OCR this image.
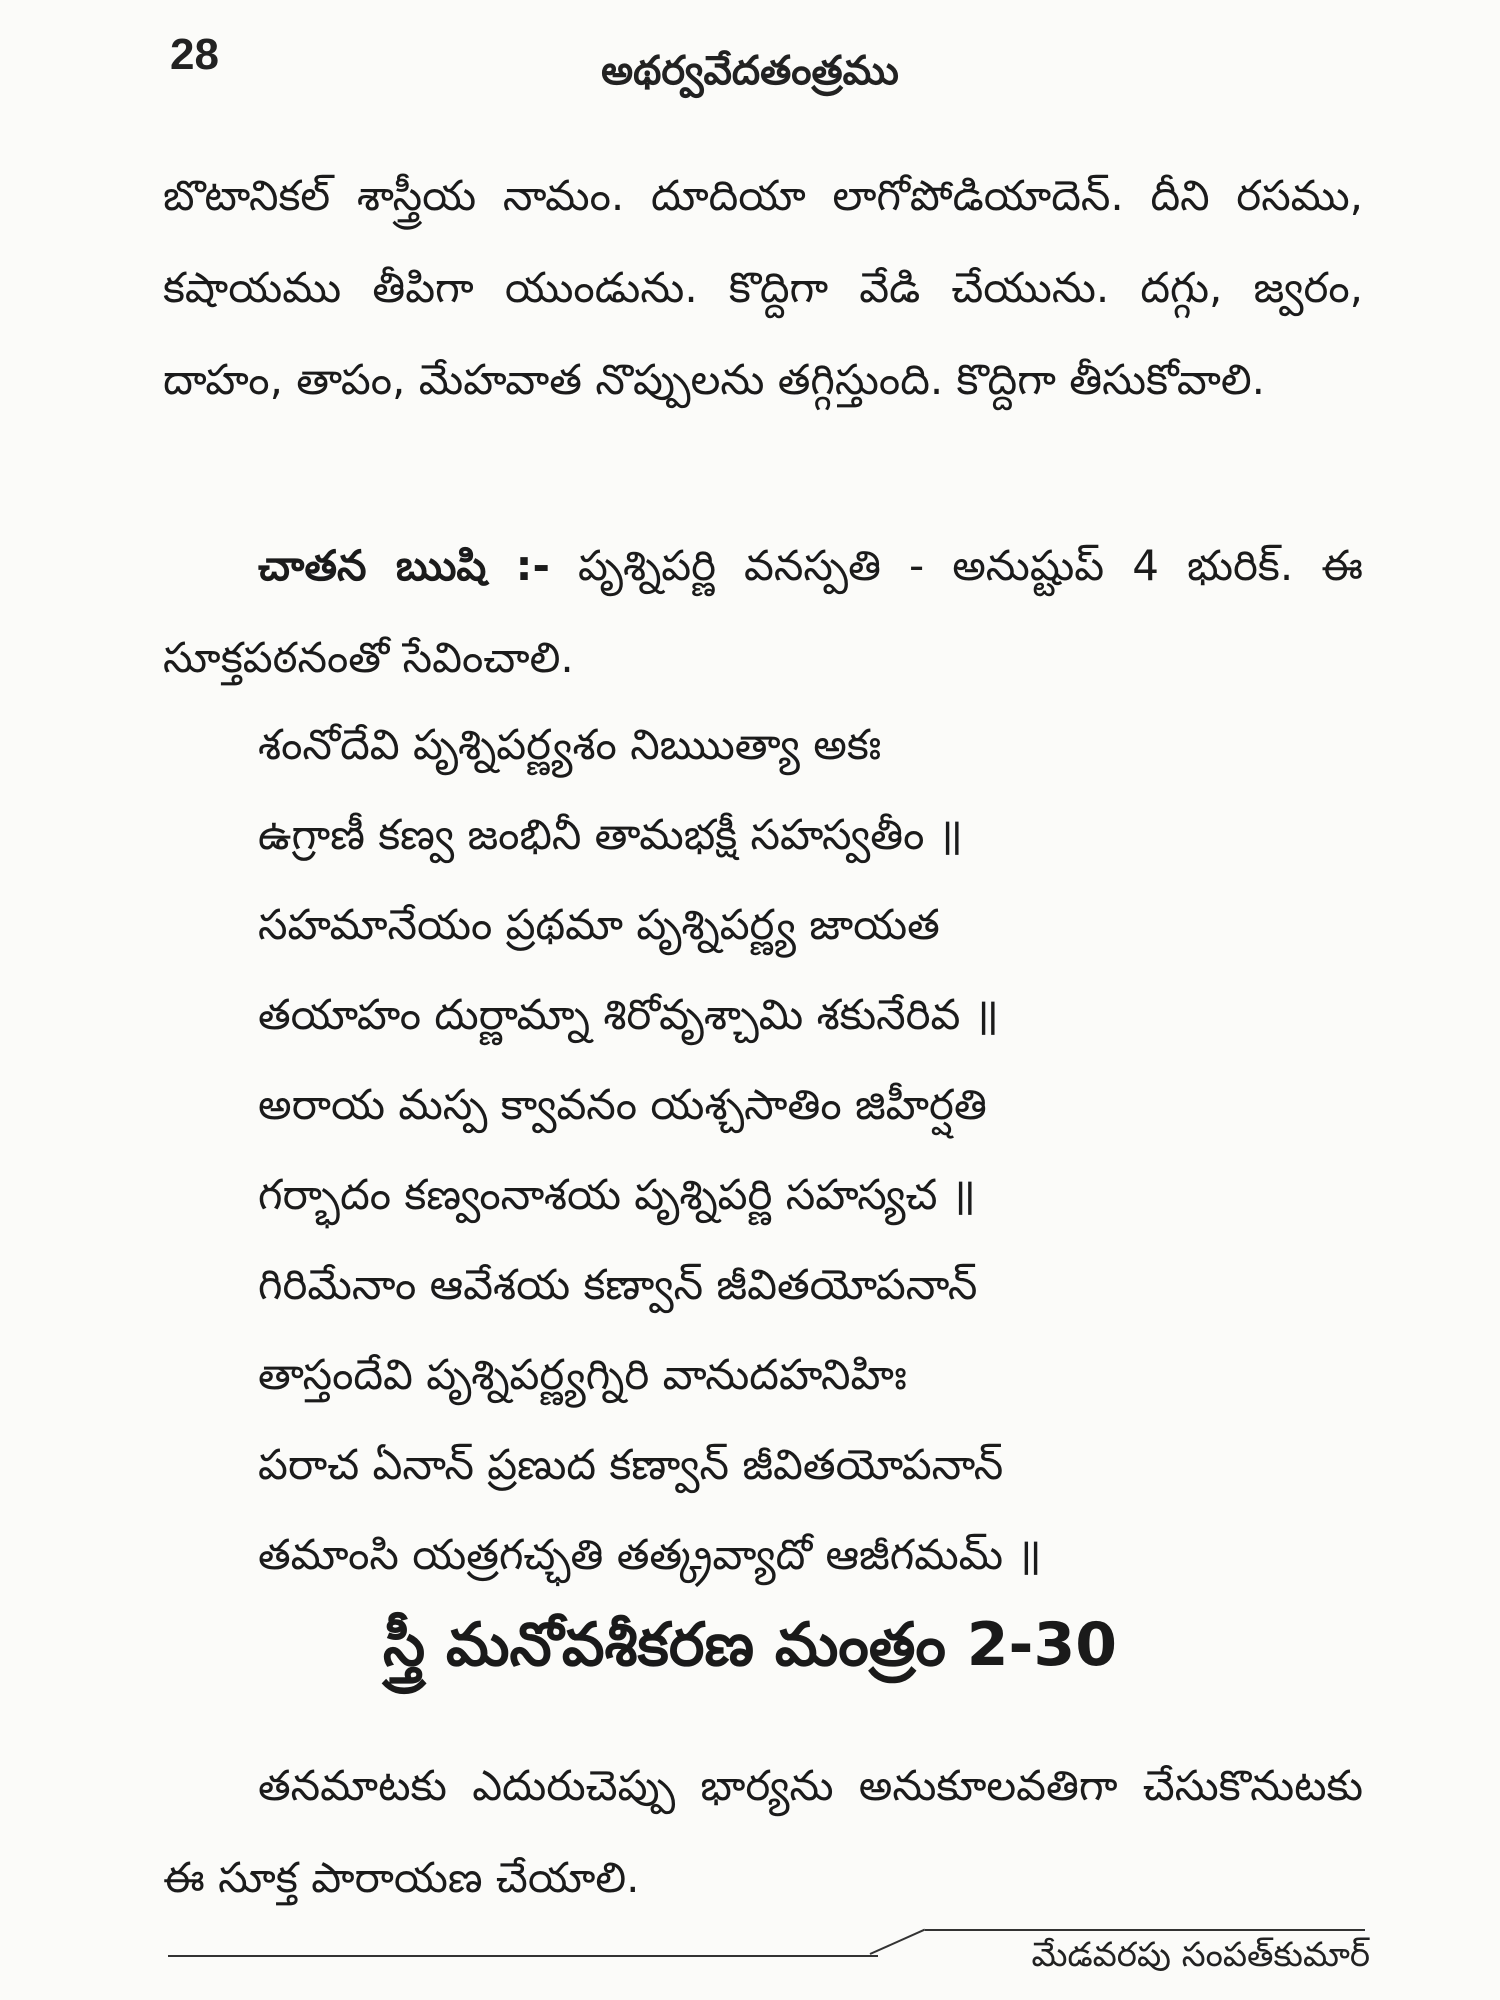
28	అథర్వవేదతంత్రము

బొటానికల్ శాస్త్రీయ నామం. దూదియా లాగోపోడియాదెన్. దీని రసము, కషాయము తీపిగా యుండును. కొద్దిగా వేడి చేయును. దగ్గు, జ్వరం, దాహం, తాపం, మేహవాత నొప్పులను తగ్గిస్తుంది. కొద్దిగా తీసుకోవాలి.

చాతన ఋషి :- పృశ్నిపర్ణి వనస్పతి - అనుష్టుప్ 4 భురిక్. ఈ సూక్తపఠనంతో సేవించాలి.

శంనోదేవి పృశ్నిపర్ణ్యశం నిఋుత్యా అకః
ఉగ్రాణీ కణ్వ జంభినీ తామభక్షీ సహస్వతీం ॥
సహమానేయం ప్రథమా పృశ్నిపర్ణ్య జాయత
తయాహం దుర్ణామ్నా శిరోవృశ్చామి శకునేరివ ॥
అరాయ మస్ప క్వావనం యశ్చసాతిం జిహీర్షతి
గర్భాదం కణ్వంనాశయ పృశ్నిపర్ణి సహస్యచ ॥
గిరిమేనాం ఆవేశయ కణ్వాన్ జీవితయోపనాన్
తాస్తందేవి పృశ్నిపర్ణ్యగ్నిరి వానుదహనిహిః
పరాచ ఏనాన్ ప్రణుద కణ్వాన్ జీవితయోపనాన్
తమాంసి యత్రగచ్ఛతి తత్క్రవ్యాదో ఆజీగమమ్ ॥
స్త్రీ మనోవశీకరణ మంత్రం 2-30

తనమాటకు ఎదురుచెప్పు భార్యను అనుకూలవతిగా చేసుకొనుటకు ఈ సూక్త పారాయణ చేయాలి.

మేడవరపు సంపత్‌కుమార్
